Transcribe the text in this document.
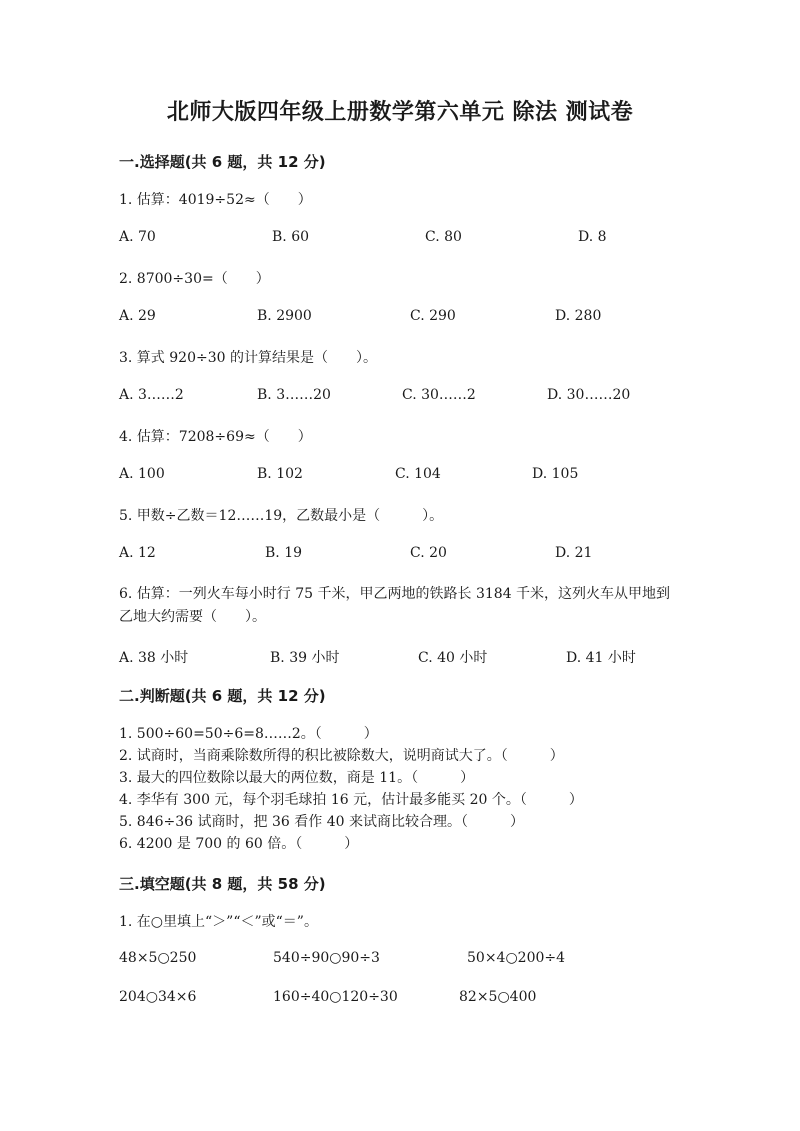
北师大版四年级上册数学第六单元 除法 测试卷
一.选择题(共 6 题，共 12 分)
1. 估算：4019÷52≈（　　）
A. 70	B. 60	C. 80	D. 8
2. 8700÷30=（　　）
A. 29	B. 2900	C. 290	D. 280
3. 算式 920÷30 的计算结果是（　　）。
A. 3……2	B. 3……20	C. 30……2	D. 30……20
4. 估算：7208÷69≈（　　）
A. 100	B. 102	C. 104	D. 105
5. 甲数÷乙数＝12……19，乙数最小是（　　　）。
A. 12	B. 19	C. 20	D. 21
6. 估算：一列火车每小时行 75 千米，甲乙两地的铁路长 3184 千米，这列火车从甲地到乙地大约需要（　　）。
A. 38 小时	B. 39 小时	C. 40 小时	D. 41 小时
二.判断题(共 6 题，共 12 分)
1. 500÷60=50÷6=8……2。（　　　）
2. 试商时，当商乘除数所得的积比被除数大，说明商试大了。（　　　）
3. 最大的四位数除以最大的两位数，商是 11。（　　　）
4. 李华有 300 元，每个羽毛球拍 16 元，估计最多能买 20 个。（　　　）
5. 846÷36 试商时，把 36 看作 40 来试商比较合理。（　　　）
6. 4200 是 700 的 60 倍。（　　　）
三.填空题(共 8 题，共 58 分)
1. 在○里填上“＞”“＜”或“＝”。
48×5○250	540÷90○90÷3	50×4○200÷4
204○34×6	160÷40○120÷30	82×5○400
